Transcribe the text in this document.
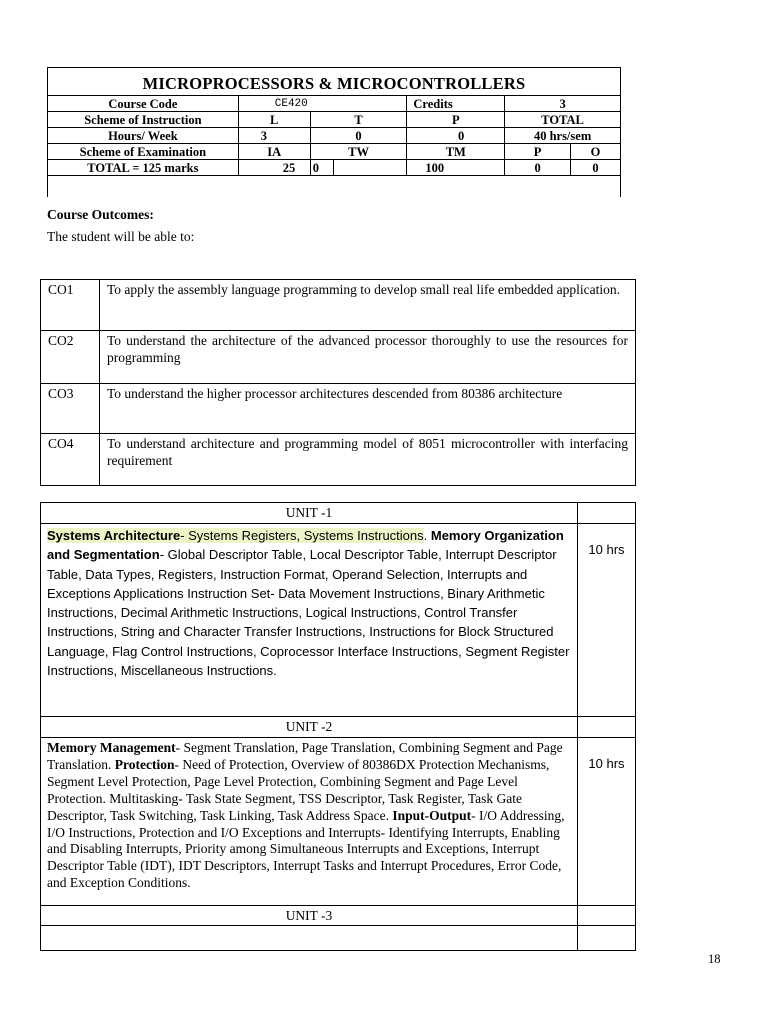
MICROPROCESSORS & MICROCONTROLLERS
Course Code	CE420		Credits	3	
Scheme of Instruction	L	T	P	TOTAL	
Hours/ Week	3	0	0	40 hrs/sem	
Scheme of Examination	IA	TW	TM	P	O
TOTAL = 125 marks	25	0	100	0	0
Course Outcomes:
The student will be able to:
CO1	To apply the assembly language programming to develop small real life embedded application.
CO2	To understand the architecture of the advanced processor thoroughly to use the resources for programming
CO3	To understand the higher processor architectures descended from 80386 architecture
CO4	To understand architecture and programming model of 8051 microcontroller with interfacing requirement
UNIT -1	
Systems Architecture- Systems Registers, Systems Instructions. Memory Organization and Segmentation- Global Descriptor Table, Local Descriptor Table, Interrupt Descriptor Table, Data Types, Registers, Instruction Format, Operand Selection, Interrupts and Exceptions Applications Instruction Set- Data Movement Instructions, Binary Arithmetic Instructions, Decimal Arithmetic Instructions, Logical Instructions, Control Transfer Instructions, String and Character Transfer Instructions, Instructions for Block Structured Language, Flag Control Instructions, Coprocessor Interface Instructions, Segment Register Instructions, Miscellaneous Instructions.	10 hrs
UNIT -2	
Memory Management- Segment Translation, Page Translation, Combining Segment and Page Translation. Protection- Need of Protection, Overview of 80386DX Protection Mechanisms, Segment Level Protection, Page Level Protection, Combining Segment and Page Level Protection. Multitasking- Task State Segment, TSS Descriptor, Task Register, Task Gate Descriptor, Task Switching, Task Linking, Task Address Space. Input-Output- I/O Addressing, I/O Instructions, Protection and I/O Exceptions and Interrupts- Identifying Interrupts, Enabling and Disabling Interrupts, Priority among Simultaneous Interrupts and Exceptions, Interrupt Descriptor Table (IDT), IDT Descriptors, Interrupt Tasks and Interrupt Procedures, Error Code, and Exception Conditions.	10 hrs
UNIT -3	

18
